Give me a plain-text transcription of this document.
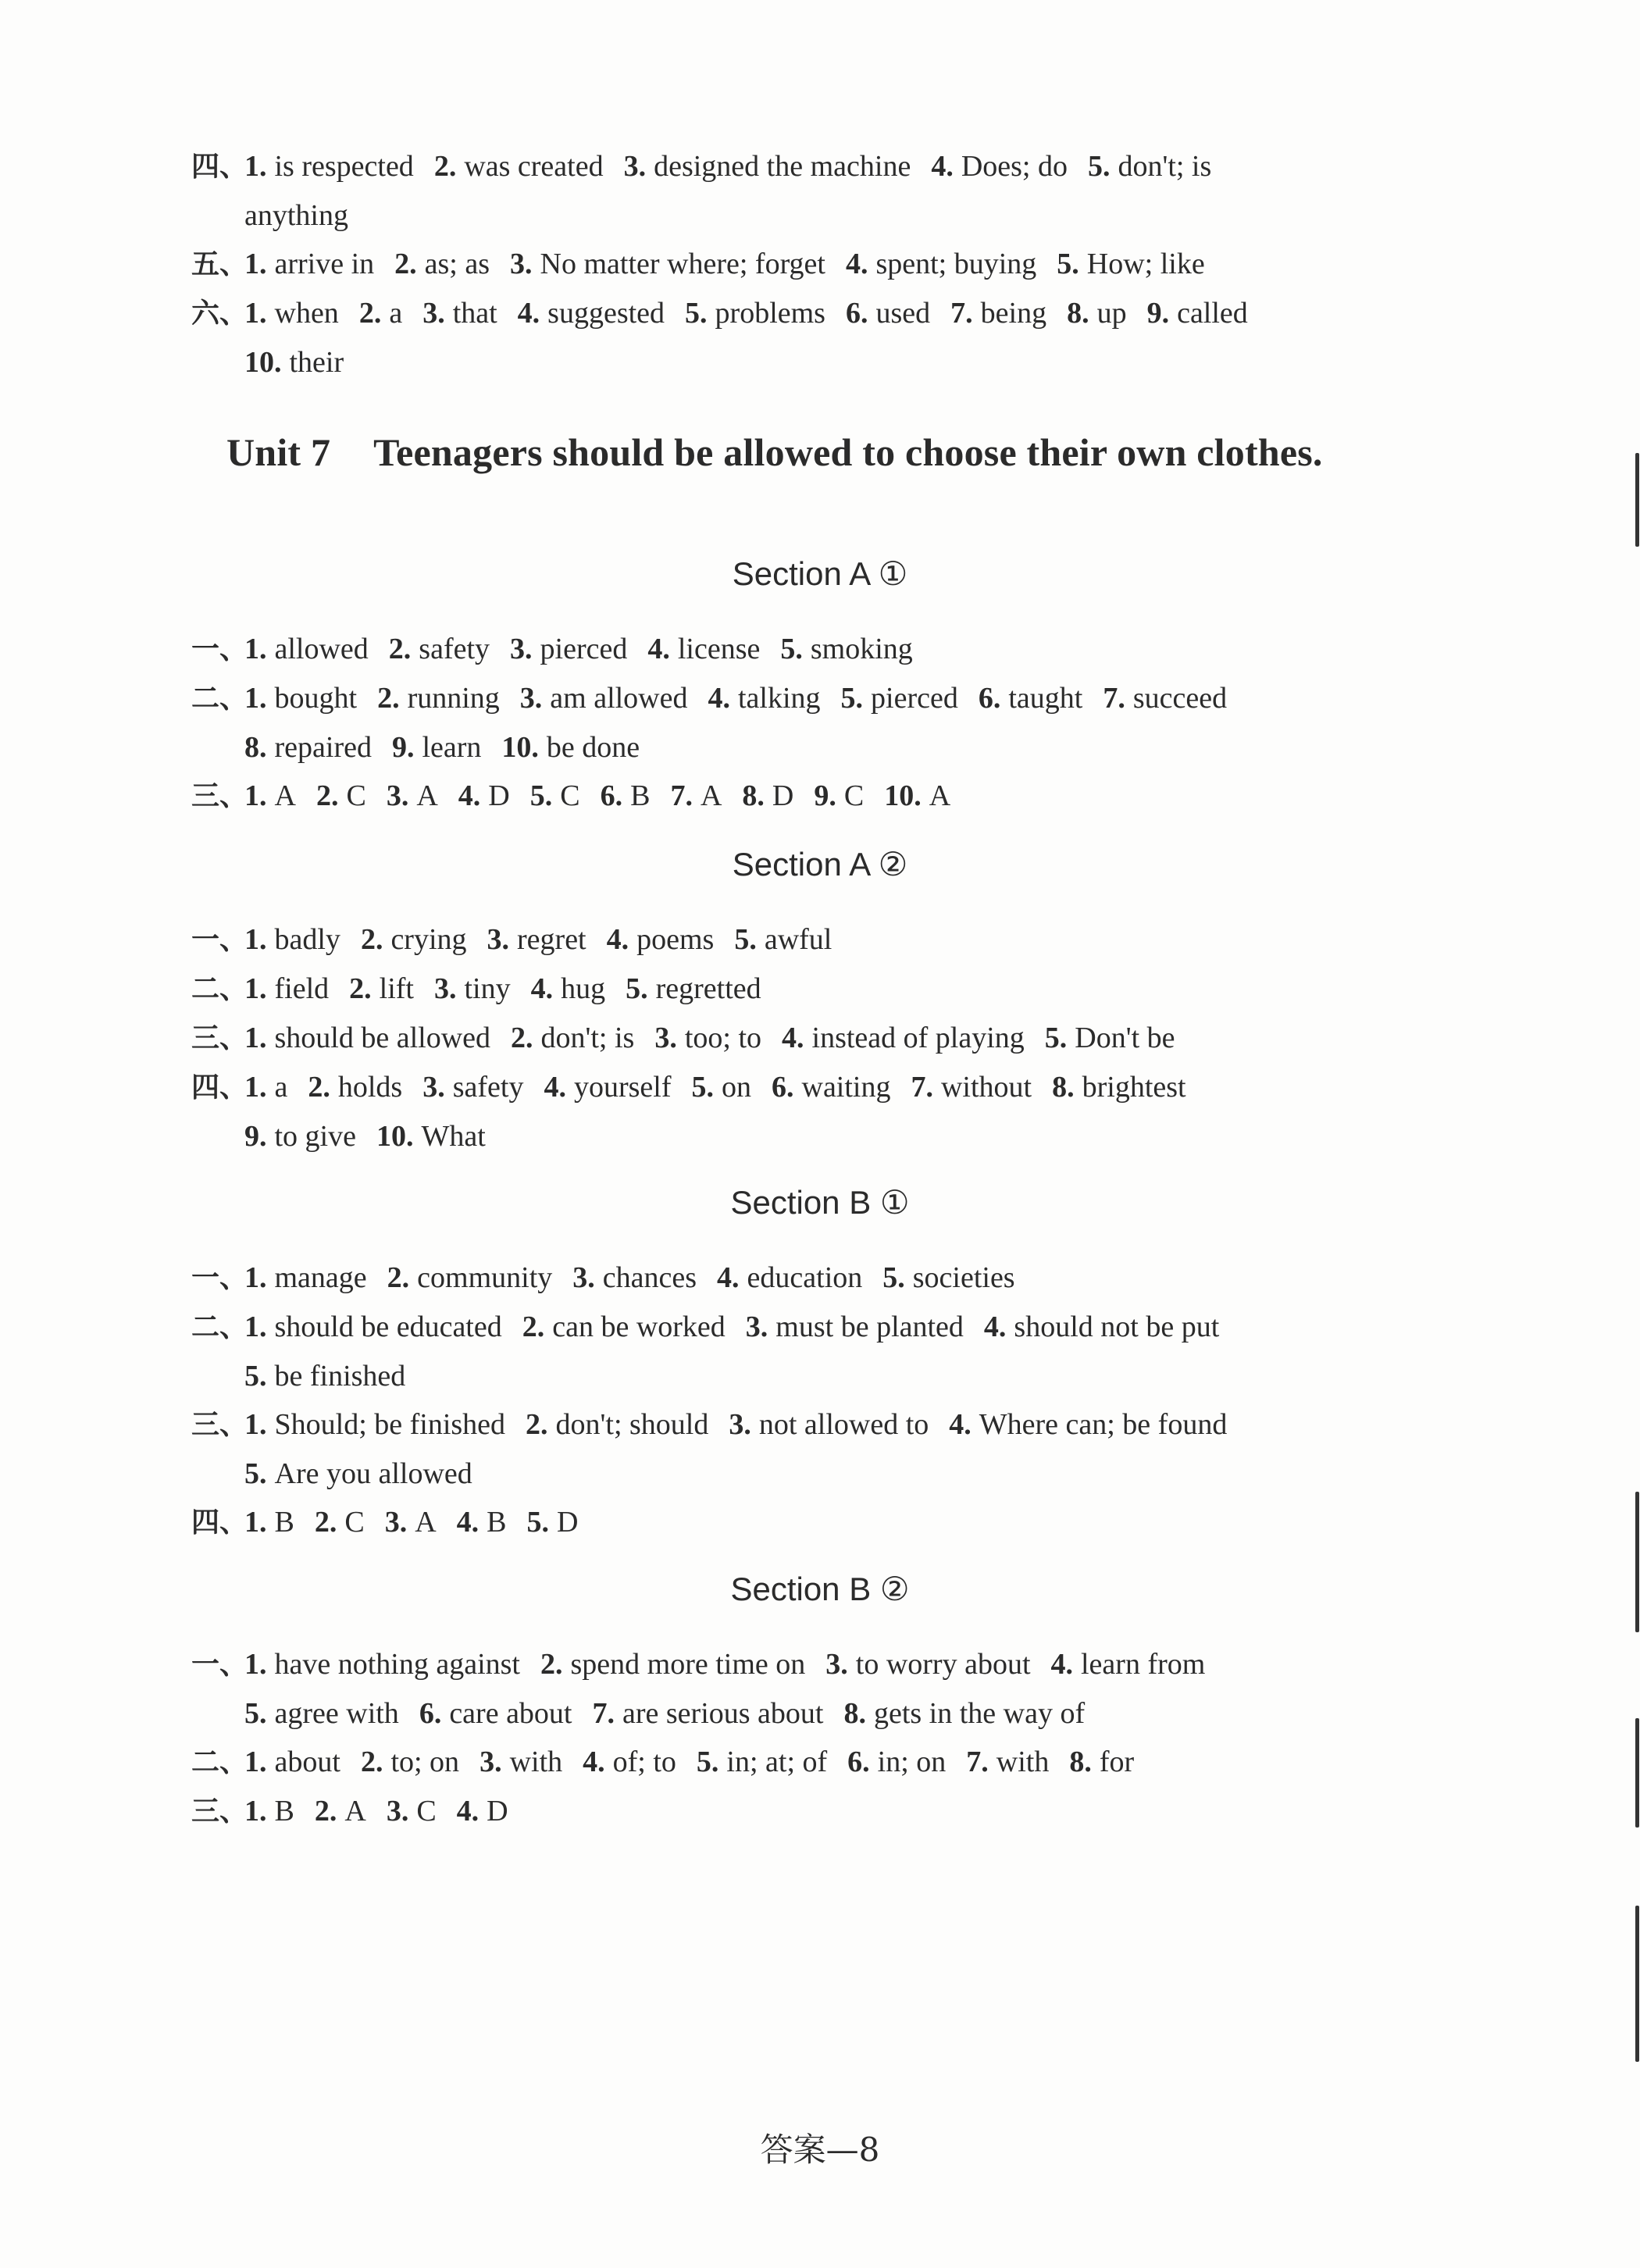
四、1. is respected 2. was created 3. designed the machine 4. Does; do 5. don't; is
anything
五、1. arrive in 2. as; as 3. No matter where; forget 4. spent; buying 5. How; like
六、1. when 2. a 3. that 4. suggested 5. problems 6. used 7. being 8. up 9. called
10. their
Unit 7 Teenagers should be allowed to choose their own clothes.
Section A ①
一、1. allowed 2. safety 3. pierced 4. license 5. smoking
二、1. bought 2. running 3. am allowed 4. talking 5. pierced 6. taught 7. succeed
8. repaired 9. learn 10. be done
三、1. A 2. C 3. A 4. D 5. C 6. B 7. A 8. D 9. C 10. A
Section A ②
一、1. badly 2. crying 3. regret 4. poems 5. awful
二、1. field 2. lift 3. tiny 4. hug 5. regretted
三、1. should be allowed 2. don't; is 3. too; to 4. instead of playing 5. Don't be
四、1. a 2. holds 3. safety 4. yourself 5. on 6. waiting 7. without 8. brightest
9. to give 10. What
Section B ①
一、1. manage 2. community 3. chances 4. education 5. societies
二、1. should be educated 2. can be worked 3. must be planted 4. should not be put
5. be finished
三、1. Should; be finished 2. don't; should 3. not allowed to 4. Where can; be found
5. Are you allowed
四、1. B 2. C 3. A 4. B 5. D
Section B ②
一、1. have nothing against 2. spend more time on 3. to worry about 4. learn from
5. agree with 6. care about 7. are serious about 8. gets in the way of
二、1. about 2. to; on 3. with 4. of; to 5. in; at; of 6. in; on 7. with 8. for
三、1. B 2. A 3. C 4. D
答案—8
